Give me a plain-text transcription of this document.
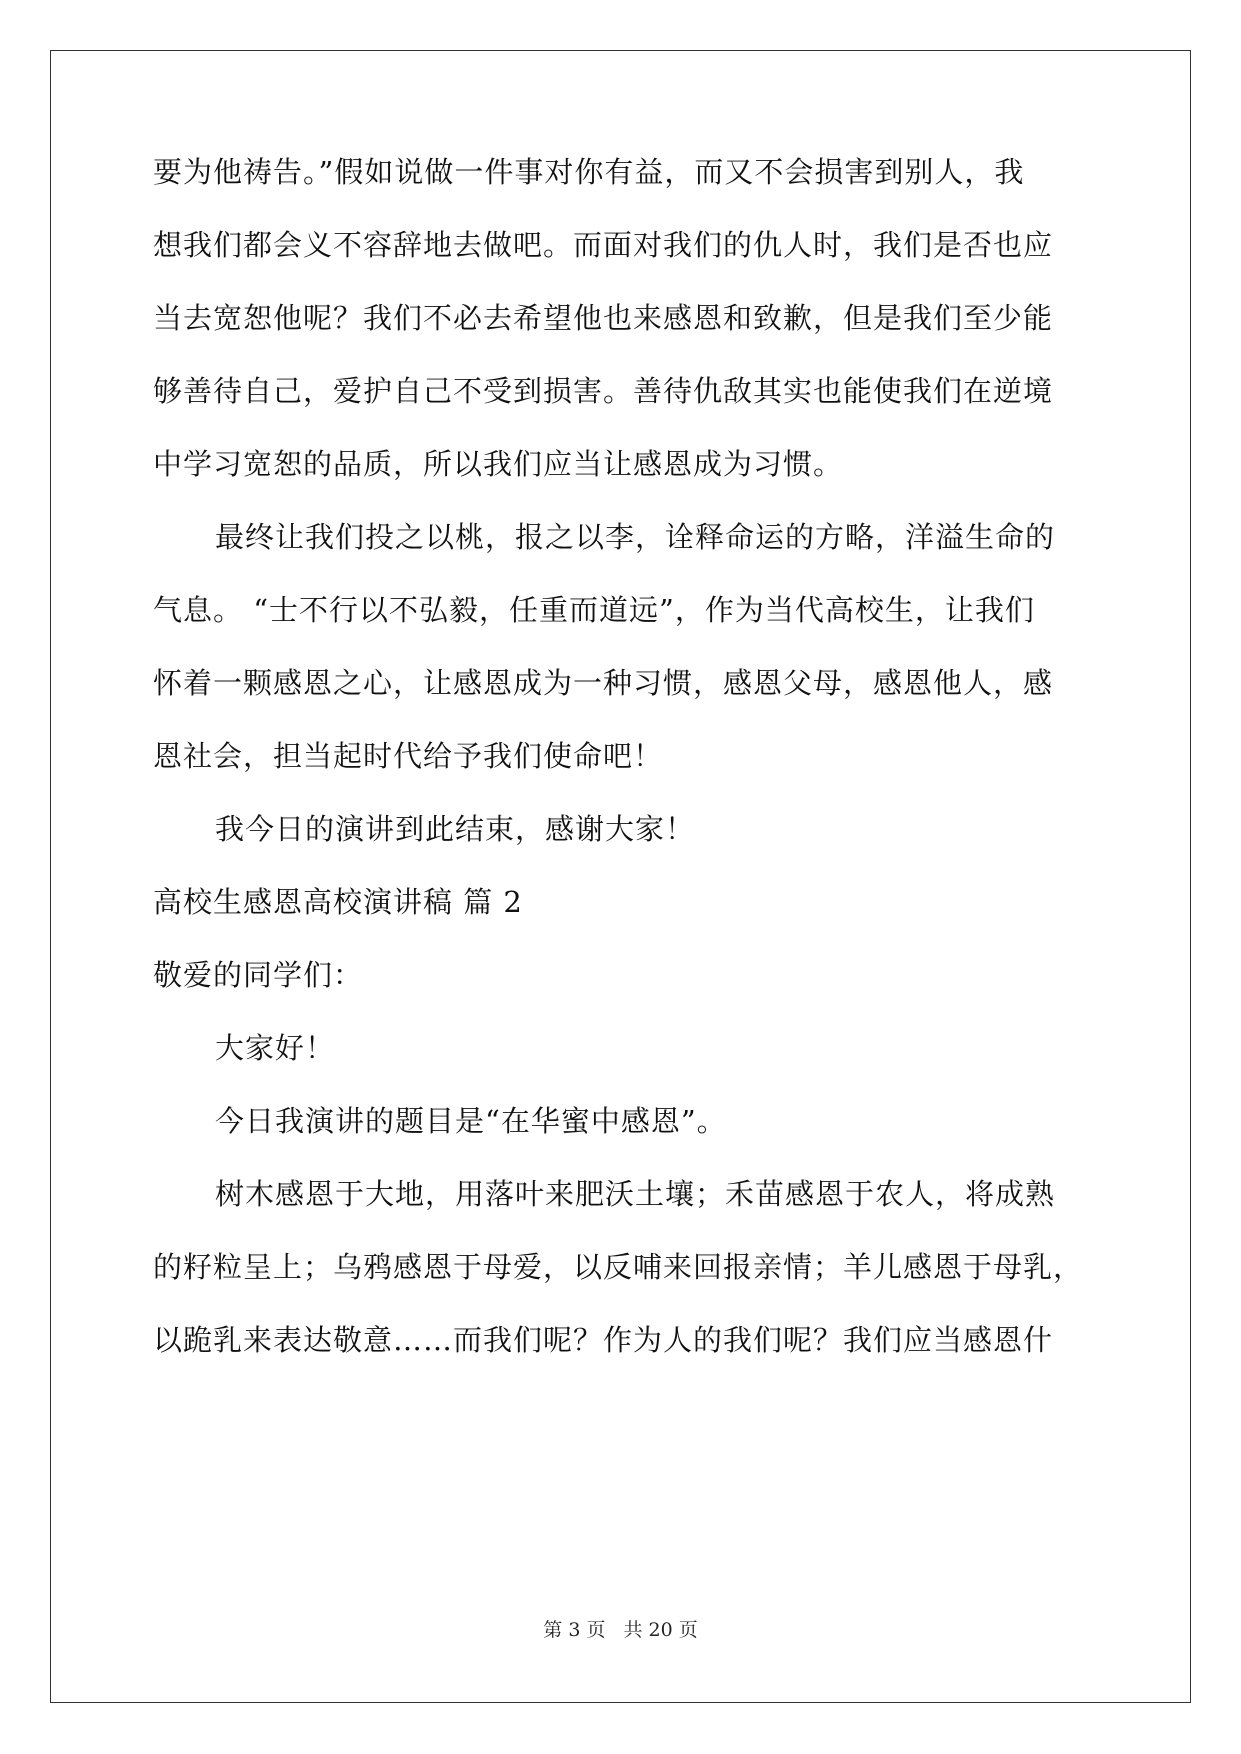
要为他祷告。”假如说做一件事对你有益，而又不会损害到别人，我
想我们都会义不容辞地去做吧。而面对我们的仇人时，我们是否也应
当去宽恕他呢？我们不必去希望他也来感恩和致歉，但是我们至少能
够善待自己，爱护自己不受到损害。善待仇敌其实也能使我们在逆境
中学习宽恕的品质，所以我们应当让感恩成为习惯。
最终让我们投之以桃，报之以李，诠释命运的方略，洋溢生命的
气息。 “士不行以不弘毅，任重而道远”，作为当代高校生，让我们
怀着一颗感恩之心，让感恩成为一种习惯，感恩父母，感恩他人，感
恩社会，担当起时代给予我们使命吧！
我今日的演讲到此结束，感谢大家！
高校生感恩高校演讲稿 篇 2
敬爱的同学们：
大家好！
今日我演讲的题目是“在华蜜中感恩”。
树木感恩于大地，用落叶来肥沃土壤；禾苗感恩于农人，将成熟
的籽粒呈上；乌鸦感恩于母爱，以反哺来回报亲情；羊儿感恩于母乳，
以跪乳来表达敬意……而我们呢？作为人的我们呢？我们应当感恩什
第 3 页 共 20 页
